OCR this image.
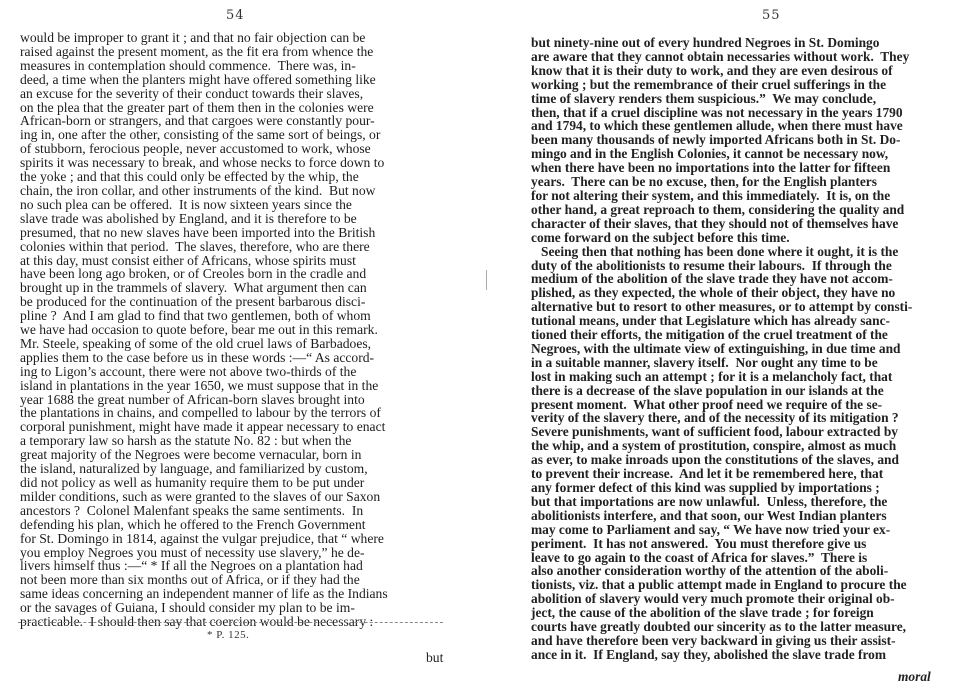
54
would be improper to grant it ; and that no fair objection can be
raised against the present moment, as the fit era from whence the
measures in contemplation should commence.  There was, in-
deed, a time when the planters might have offered something like
an excuse for the severity of their conduct towards their slaves,
on the plea that the greater part of them then in the colonies were
African-born or strangers, and that cargoes were constantly pour-
ing in, one after the other, consisting of the same sort of beings, or
of stubborn, ferocious people, never accustomed to work, whose
spirits it was necessary to break, and whose necks to force down to
the yoke ; and that this could only be effected by the whip, the
chain, the iron collar, and other instruments of the kind.  But now
no such plea can be offered.  It is now sixteen years since the
slave trade was abolished by England, and it is therefore to be
presumed, that no new slaves have been imported into the British
colonies within that period.  The slaves, therefore, who are there
at this day, must consist either of Africans, whose spirits must
have been long ago broken, or of Creoles born in the cradle and
brought up in the trammels of slavery.  What argument then can
be produced for the continuation of the present barbarous disci-
pline ?  And I am glad to find that two gentlemen, both of whom
we have had occasion to quote before, bear me out in this remark.
Mr. Steele, speaking of some of the old cruel laws of Barbadoes,
applies them to the case before us in these words :—“ As accord-
ing to Ligon’s account, there were not above two-thirds of the
island in plantations in the year 1650, we must suppose that in the
year 1688 the great number of African-born slaves brought into
the plantations in chains, and compelled to labour by the terrors of
corporal punishment, might have made it appear necessary to enact
a temporary law so harsh as the statute No. 82 : but when the
great majority of the Negroes were become vernacular, born in
the island, naturalized by language, and familiarized by custom,
did not policy as well as humanity require them to be put under
milder conditions, such as were granted to the slaves of our Saxon
ancestors ?  Colonel Malenfant speaks the same sentiments.  In
defending his plan, which he offered to the French Government
for St. Domingo in 1814, against the vulgar prejudice, that “ where
you employ Negroes you must of necessity use slavery,” he de-
livers himself thus :—“ * If all the Negroes on a plantation had
not been more than six months out of Africa, or if they had the
same ideas concerning an independent manner of life as the Indians
or the savages of Guiana, I should consider my plan to be im-
practicable.  I should then say that coercion would be necessary :
* P. 125.
but
55
but ninety-nine out of every hundred Negroes in St. Domingo
are aware that they cannot obtain necessaries without work.  They
know that it is their duty to work, and they are even desirous of
working ; but the remembrance of their cruel sufferings in the
time of slavery renders them suspicious.”  We may conclude,
then, that if a cruel discipline was not necessary in the years 1790
and 1794, to which these gentlemen allude, when there must have
been many thousands of newly imported Africans both in St. Do-
mingo and in the English Colonies, it cannot be necessary now,
when there have been no importations into the latter for fifteen
years.  There can be no excuse, then, for the English planters
for not altering their system, and this immediately.  It is, on the
other hand, a great reproach to them, considering the quality and
character of their slaves, that they should not of themselves have
come forward on the subject before this time.
Seeing then that nothing has been done where it ought, it is the
duty of the abolitionists to resume their labours.  If through the
medium of the abolition of the slave trade they have not accom-
plished, as they expected, the whole of their object, they have no
alternative but to resort to other measures, or to attempt by consti-
tutional means, under that Legislature which has already sanc-
tioned their efforts, the mitigation of the cruel treatment of the
Negroes, with the ultimate view of extinguishing, in due time and
in a suitable manner, slavery itself.  Nor ought any time to be
lost in making such an attempt ; for it is a melancholy fact, that
there is a decrease of the slave population in our islands at the
present moment.  What other proof need we require of the se-
verity of the slavery there, and of the necessity of its mitigation ?
Severe punishments, want of sufficient food, labour extracted by
the whip, and a system of prostitution, conspire, almost as much
as ever, to make inroads upon the constitutions of the slaves, and
to prevent their increase.  And let it be remembered here, that
any former defect of this kind was supplied by importations ;
but that importations are now unlawful.  Unless, therefore, the
abolitionists interfere, and that soon, our West Indian planters
may come to Parliament and say, “ We have now tried your ex-
periment.  It has not answered.  You must therefore give us
leave to go again to the coast of Africa for slaves.”  There is
also another consideration worthy of the attention of the aboli-
tionists, viz. that a public attempt made in England to procure the
abolition of slavery would very much promote their original ob-
ject, the cause of the abolition of the slave trade ; for foreign
courts have greatly doubted our sincerity as to the latter measure,
and have therefore been very backward in giving us their assist-
ance in it.  If England, say they, abolished the slave trade from
moral
